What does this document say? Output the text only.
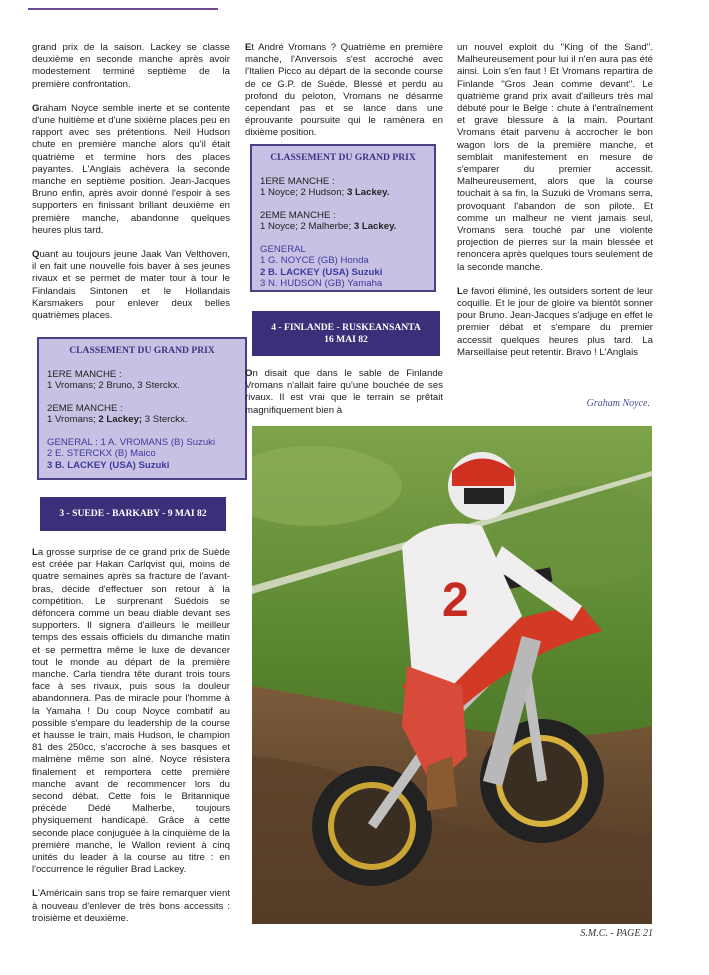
grand prix de la saison. Lackey se classe deuxième en seconde manche après avoir modestement terminé septième de la première confrontation.

Graham Noyce semble inerte et se contente d'une huitième et d'une sixième places peu en rapport avec ses prétentions. Neil Hudson chute en première manche alors qu'il était quatrième et termine hors des places payantes. L'Anglais achèvera la seconde manche en septième position. Jean-Jacques Bruno enfin, après avoir donné l'espoir à ses supporters en finissant brillant deuxième en première manche, abandonne quelques heures plus tard.

Quant au toujours jeune Jaak Van Velthoven, il en fait une nouvelle fois baver à ses jeunes rivaux et se permet de mater tour à tour le Finlandais Sintonen et le Hollandais Karsmakers pour enlever deux belles quatrièmes places.

CLASSEMENT DU GRAND PRIX
1ERE MANCHE :
1 Vromans; 2 Bruno, 3 Sterckx.
2EME MANCHE :
1 Vromans; 2 Lackey; 3 Sterckx.
GENERAL : 1 A. VROMANS (B) Suzuki
2 E. STERCKX (B) Maico
3 B. LACKEY (USA) Suzuki
3 - SUEDE - BARKABY - 9 MAI 82

La grosse surprise de ce grand prix de Suède est créée par Hakan Carlqvist qui, moins de quatre semaines après sa fracture de l'avant-bras, décide d'effectuer son retour à la compétition. Le surprenant Suédois se défoncera comme un beau diable devant ses supporters. Il signera d'ailleurs le meilleur temps des essais officiels du dimanche matin et se permettra même le luxe de devancer tout le monde au départ de la première manche. Carla tiendra tête durant trois tours face à ses rivaux, puis sous la douleur abandonnera. Pas de miracle pour l'homme à la Yamaha ! Du coup Noyce combatif au possible s'empare du leadership de la course et hausse le train, mais Hudson, le champion 81 des 250cc, s'accroche à ses basques et malmène même son aîné. Noyce résistera finalement et remportera cette première manche avant de recommencer lors du second débat. Cette fois le Britannique précède Dédé Malherbe, toujours physiquement handicapé. Grâce à cette seconde place conjuguée à la cinquième de la première manche, le Wallon revient à cinq unités du leader à la course au titre : en l'occurrence le régulier Brad Lackey.

L'Américain sans trop se faire remarquer vient à nouveau d'enlever de très bons accessits : troisième et deuxième.

Et André Vromans ? Quatrième en première manche, l'Anversois s'est accroché avec l'Italien Picco au départ de la seconde course de ce G.P. de Suède. Blessé et perdu au profond du peloton, Vromans ne désarme cependant pas et se lance dans une éprouvante poursuite qui le ramènera en dixième position.

CLASSEMENT DU GRAND PRIX
1ERE MANCHE :
1 Noyce; 2 Hudson; 3 Lackey.
2EME MANCHE :
1 Noyce; 2 Malherbe; 3 Lackey.
GENERAL
1 G. NOYCE (GB) Honda
2 B. LACKEY (USA) Suzuki
3 N. HUDSON (GB) Yamaha
4 - FINLANDE - RUSKEANSANTA
16 MAI 82

On disait que dans le sable de Finlande Vromans n'allait faire qu'une bouchée de ses rivaux. Il est vrai que le terrain se prêtait magnifiquement bien à

un nouvel exploit du ''King of the Sand''. Malheureusement pour lui il n'en aura pas été ainsi. Loin s'en faut ! Et Vromans repartira de Finlande ''Gros Jean comme devant''. Le quatrième grand prix avait d'ailleurs très mal débuté pour le Belge : chute à l'entraînement et grave blessure à la main. Pourtant Vromans était parvenu à accrocher le bon wagon lors de la première manche, et semblait manifestement en mesure de s'emparer du premier accessit. Malheureusement, alors que la course touchait à sa fin, la Suzuki de Vromans serra, provoquant l'abandon de son pilote. Et comme un malheur ne vient jamais seul, Vromans sera touché par une violente projection de pierres sur la main blessée et renoncera après quelques tours seulement de la seconde manche.

Le favori éliminé, les outsiders sortent de leur coquille. Et le jour de gloire va bientôt sonner pour Bruno. Jean-Jacques s'adjuge en effet le premier débat et s'empare du premier accessit quelques heures plus tard. La Marseillaise peut retentir. Bravo ! L'Anglais

Graham Noyce.
2
S.M.C. - PAGE 21
